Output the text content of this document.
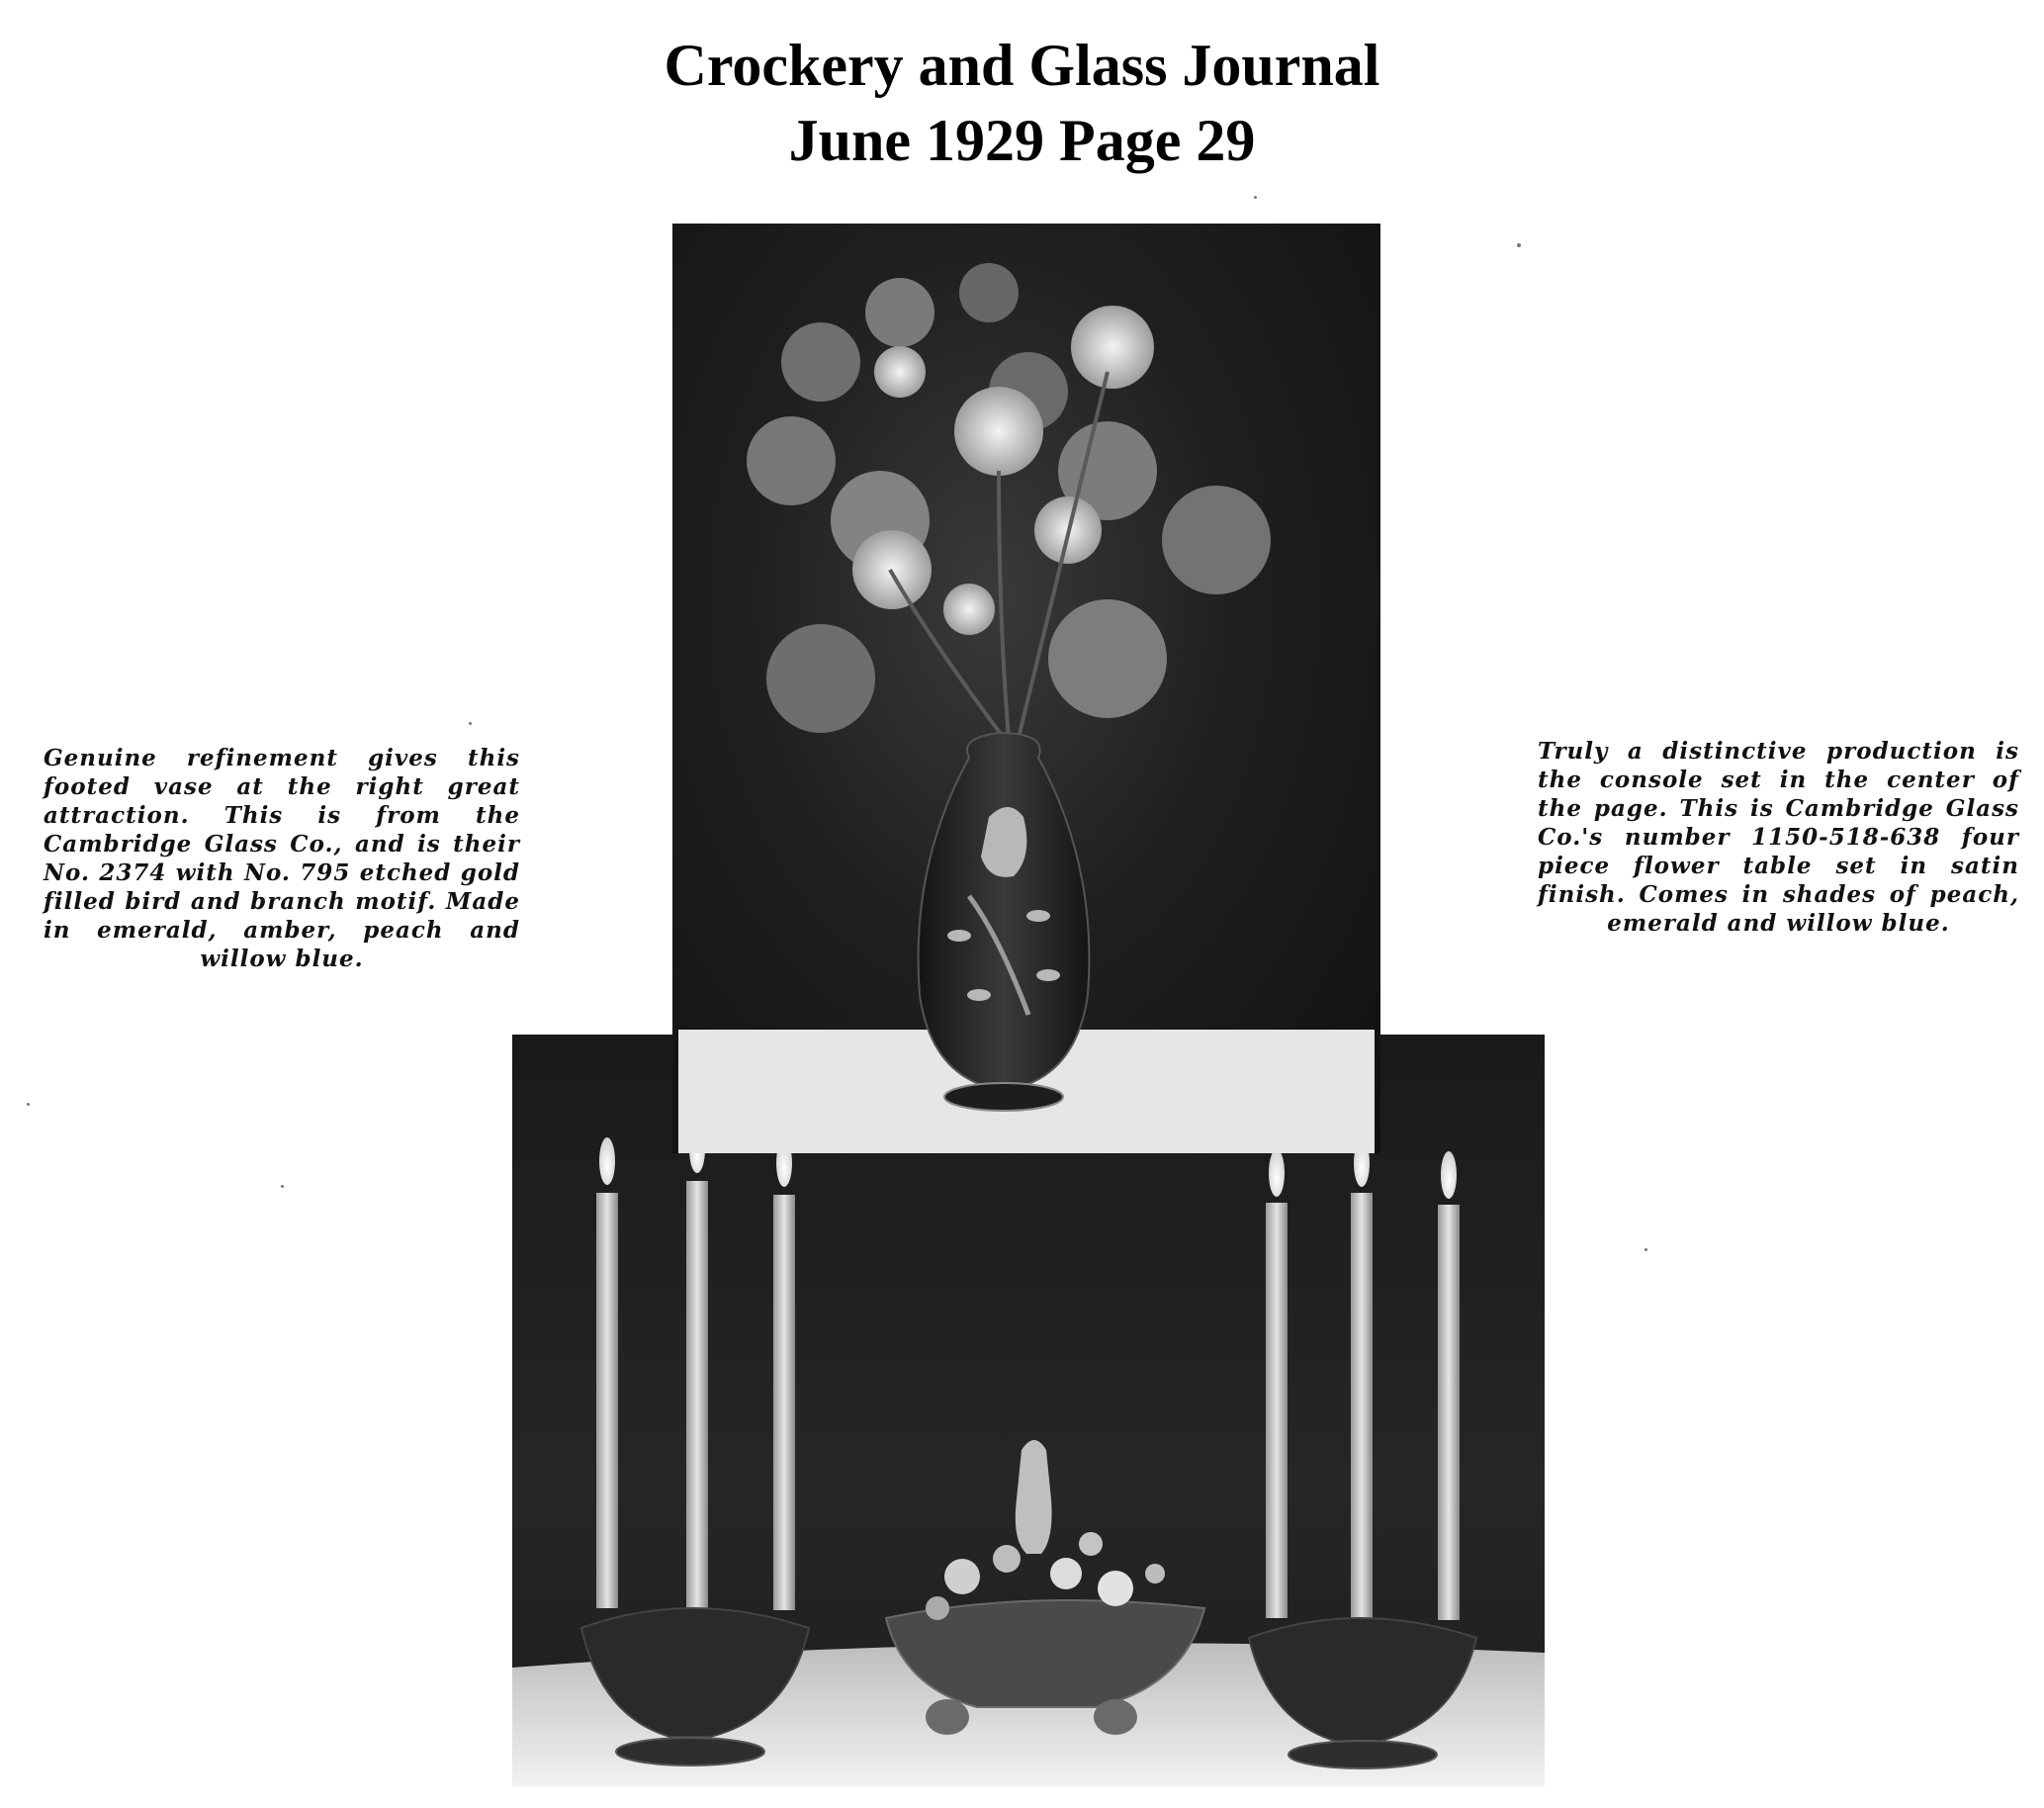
Crockery and Glass Journal
June 1929 Page 29
Genuine refinement gives this footed vase at the right great attraction. This is from the Cambridge Glass Co., and is their No. 2374 with No. 795 etched gold filled bird and branch motif. Made in emerald, amber, peach and willow blue.
Truly a distinctive production is the console set in the center of the page. This is Cambridge Glass Co.'s number 1150-518-638 four piece flower table set in satin finish. Comes in shades of peach, emerald and willow blue.
